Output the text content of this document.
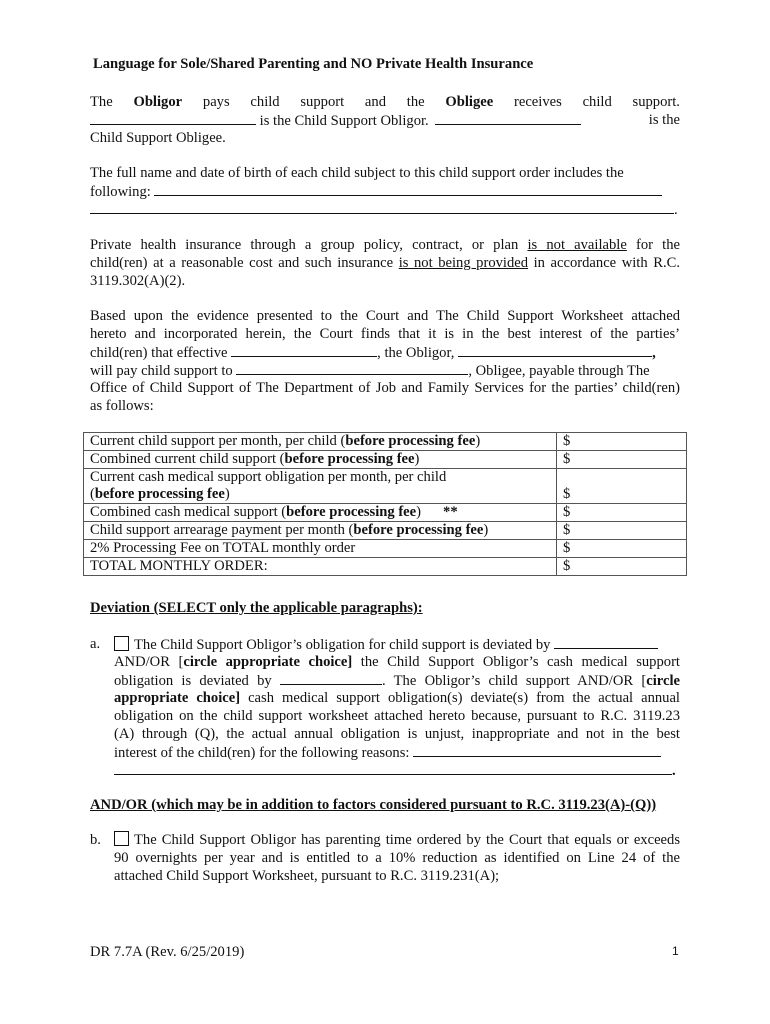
Language for Sole/Shared Parenting and NO Private Health Insurance
The Obligor pays child support and the Obligee receives child support.
is the Child Support Obligor.	is the
Child Support Obligee.
The full name and date of birth of each child subject to this child support order includes the
following:
.
Private health insurance through a group policy, contract, or plan is not available for the
child(ren) at a reasonable cost and such insurance is not being provided in accordance with R.C.
3119.302(A)(2).
Based upon the evidence presented to the Court and The Child Support Worksheet attached
hereto and incorporated herein, the Court finds that it is in the best interest of the parties’
child(ren) that effective	, the Obligor,	,
will pay child support to	, Obligee, payable through The
Office of Child Support of The Department of Job and Family Services for the parties’ child(ren)
as follows:
Current child support per month, per child (before processing fee)	$
Combined current child support (before processing fee)	$
Current cash medical support obligation per month, per child
(before processing fee)	$
Combined cash medical support (before processing fee) **	$
Child support arrearage payment per month (before processing fee)	$
2% Processing Fee on TOTAL monthly order	$
TOTAL MONTHLY ORDER:	$
Deviation (SELECT only the applicable paragraphs):
a.	The Child Support Obligor’s obligation for child support is deviated by
AND/OR [circle appropriate choice] the Child Support Obligor’s cash medical support
obligation is deviated by	. The Obligor’s child support AND/OR [circle
appropriate choice] cash medical support obligation(s) deviate(s) from the actual annual
obligation on the child support worksheet attached hereto because, pursuant to R.C. 3119.23
(A) through (Q), the actual annual obligation is unjust, inappropriate and not in the best
interest of the child(ren) for the following reasons:
.
AND/OR (which may be in addition to factors considered pursuant to R.C. 3119.23(A)-(Q))
b.	The Child Support Obligor has parenting time ordered by the Court that equals or exceeds
90 overnights per year and is entitled to a 10% reduction as identified on Line 24 of the
attached Child Support Worksheet, pursuant to R.C. 3119.231(A);
DR 7.7A (Rev. 6/25/2019)	1
